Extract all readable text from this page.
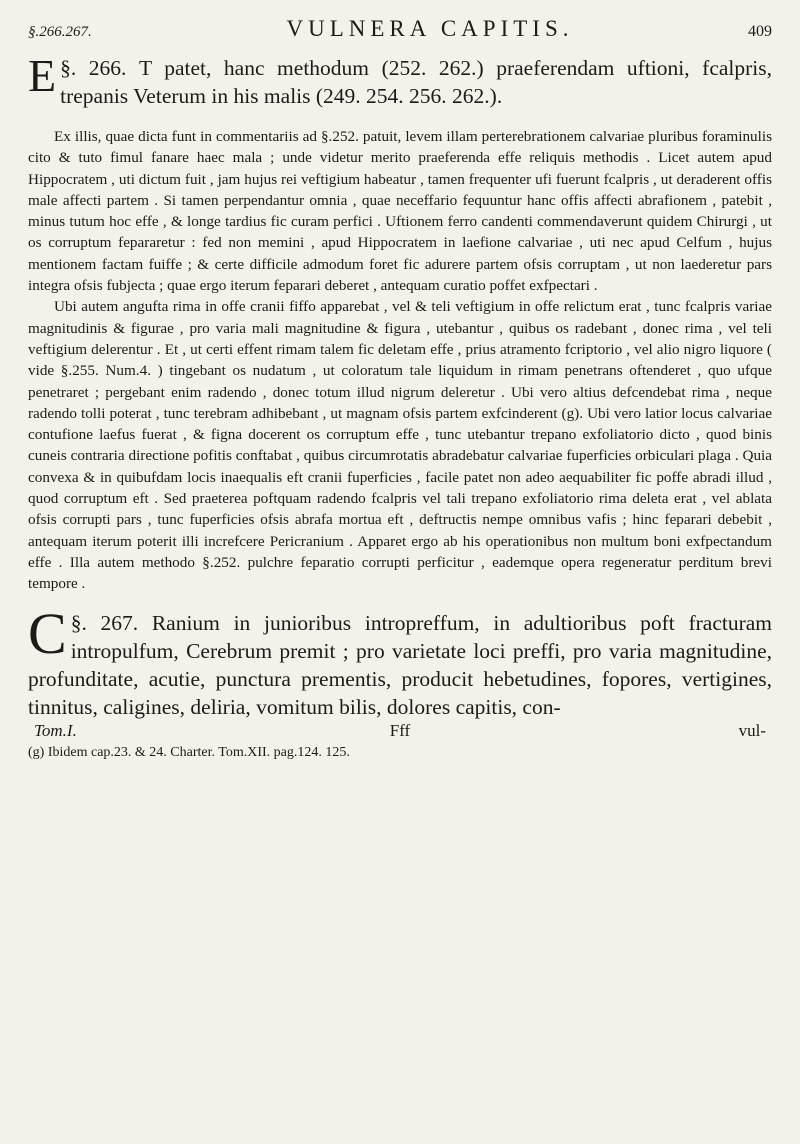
§.266.267.	VULNERA CAPITIS.	409

§. 266.
E	T patet, hanc methodum (252. 262.) praeferendam uftioni, fcalpris, trepanis Veterum in his malis (249. 254. 256. 262.).

Ex illis, quae dicta funt in commentariis ad §.252. patuit, levem illam perterebrationem calvariae pluribus foraminulis cito & tuto fimul fanare haec mala ; unde videtur merito praeferenda effe reliquis methodis . Licet autem apud Hippocratem , uti dictum fuit , jam hujus rei veftigium habeatur , tamen frequenter ufi fuerunt fcalpris , ut deraderent offis male affecti partem . Si tamen perpendantur omnia , quae neceffario fequuntur hanc offis affecti abrafionem , patebit , minus tutum hoc effe , & longe tardius fic curam perfici . Uftionem ferro candenti commendaverunt quidem Chirurgi , ut os corruptum fepararetur : fed non memini , apud Hippocratem in laefione calvariae , uti nec apud Celfum , hujus mentionem factam fuiffe ; & certe difficile admodum foret fic adurere partem ofsis corruptam , ut non laederetur pars integra ofsis fubjecta ; quae ergo iterum feparari deberet , antequam curatio poffet exfpectari .

Ubi autem angufta rima in offe cranii fiffo apparebat , vel & teli veftigium in offe relictum erat , tunc fcalpris variae magnitudinis & figurae , pro varia mali magnitudine & figura , utebantur , quibus os radebant , donec rima , vel teli veftigium delerentur . Et , ut certi effent rimam talem fic deletam effe , prius atramento fcriptorio , vel alio nigro liquore ( vide §.255. Num.4. ) tingebant os nudatum , ut coloratum tale liquidum in rimam penetrans oftenderet , quo ufque penetraret ; pergebant enim radendo , donec totum illud nigrum deleretur . Ubi vero altius defcendebat rima , neque radendo tolli poterat , tunc terebram adhibebant , ut magnam ofsis partem exfcinderent (g). Ubi vero latior locus calvariae contufione laefus fuerat , & figna docerent os corruptum effe , tunc utebantur trepano exfoliatorio dicto , quod binis cuneis contraria directione pofitis conftabat , quibus circumrotatis abradebatur calvariae fuperficies orbiculari plaga . Quia convexa & in quibufdam locis inaequalis eft cranii fuperficies , facile patet non adeo aequabiliter fic poffe abradi illud , quod corruptum eft . Sed praeterea poftquam radendo fcalpris vel tali trepano exfoliatorio rima deleta erat , vel ablata ofsis corrupti pars , tunc fuperficies ofsis abrafa mortua eft , deftructis nempe omnibus vafis ; hinc feparari debebit , antequam iterum poterit illi increfcere Pericranium . Apparet ergo ab his operationibus non multum boni exfpectandum effe . Illa autem methodo §.252. pulchre feparatio corrupti perficitur , eademque opera regeneratur perditum brevi tempore .

§. 267.
C	Ranium in junioribus intropreffum, in adultioribus poft fracturam intropulfum, Cerebrum premit ; pro varietate loci preffi, pro varia magnitudine, profunditate, acutie, punctura prementis, producit hebetudines, fopores, vertigines, tinnitus, caligines, deliria, vomitum bilis, dolores capitis, con-

Tom.I.	Fff	vul-
(g) Ibidem cap.23. & 24. Charter. Tom.XII. pag.124. 125.
